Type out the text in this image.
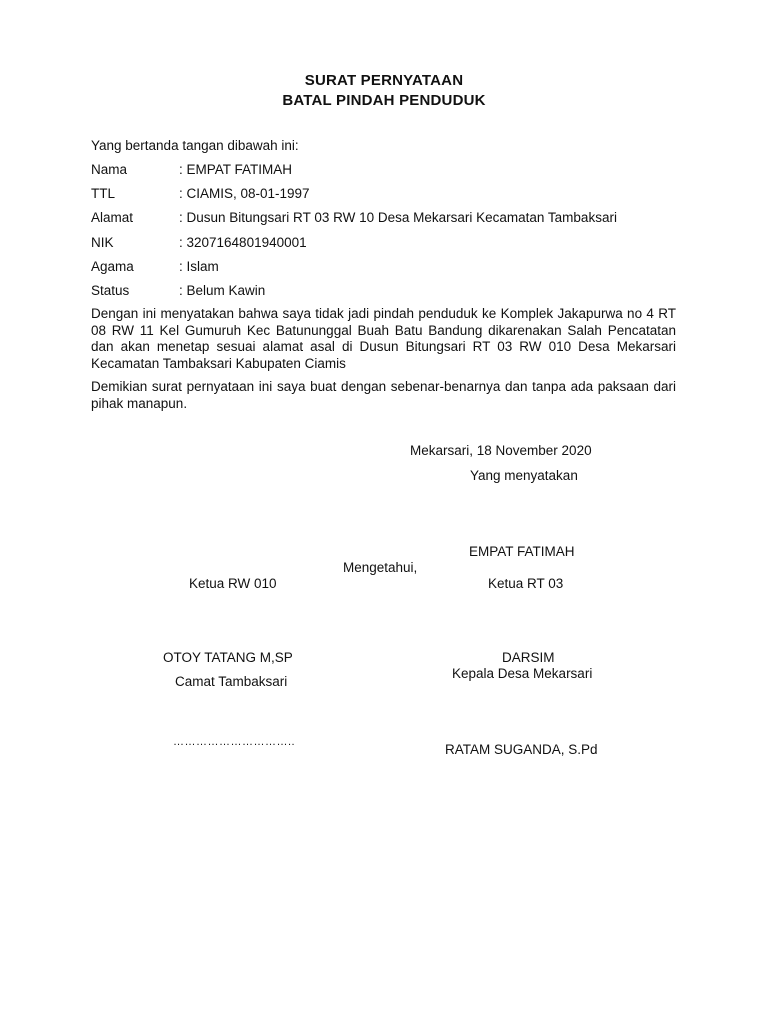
SURAT PERNYATAAN
BATAL PINDAH PENDUDUK
Yang bertanda tangan dibawah ini:
Nama	: EMPAT FATIMAH
TTL	: CIAMIS, 08-01-1997
Alamat	: Dusun Bitungsari RT 03 RW 10 Desa Mekarsari Kecamatan Tambaksari
NIK	: 3207164801940001
Agama	: Islam
Status	: Belum Kawin
Dengan ini menyatakan bahwa saya tidak jadi pindah penduduk ke Komplek Jakapurwa no 4 RT 08 RW 11 Kel Gumuruh Kec Batununggal Buah Batu Bandung dikarenakan Salah Pencatatan dan akan menetap sesuai alamat asal di Dusun Bitungsari RT 03 RW 010 Desa Mekarsari Kecamatan Tambaksari Kabupaten Ciamis
Demikian surat pernyataan ini saya buat dengan sebenar-benarnya dan tanpa ada paksaan dari pihak manapun.
Mekarsari, 18 November 2020
Yang menyatakan
EMPAT FATIMAH
Mengetahui,
Ketua RW 010	Ketua RT 03
OTOY TATANG M,SP	DARSIM
Camat Tambaksari
Kepala Desa Mekarsari
…………………………..	RATAM SUGANDA, S.Pd
